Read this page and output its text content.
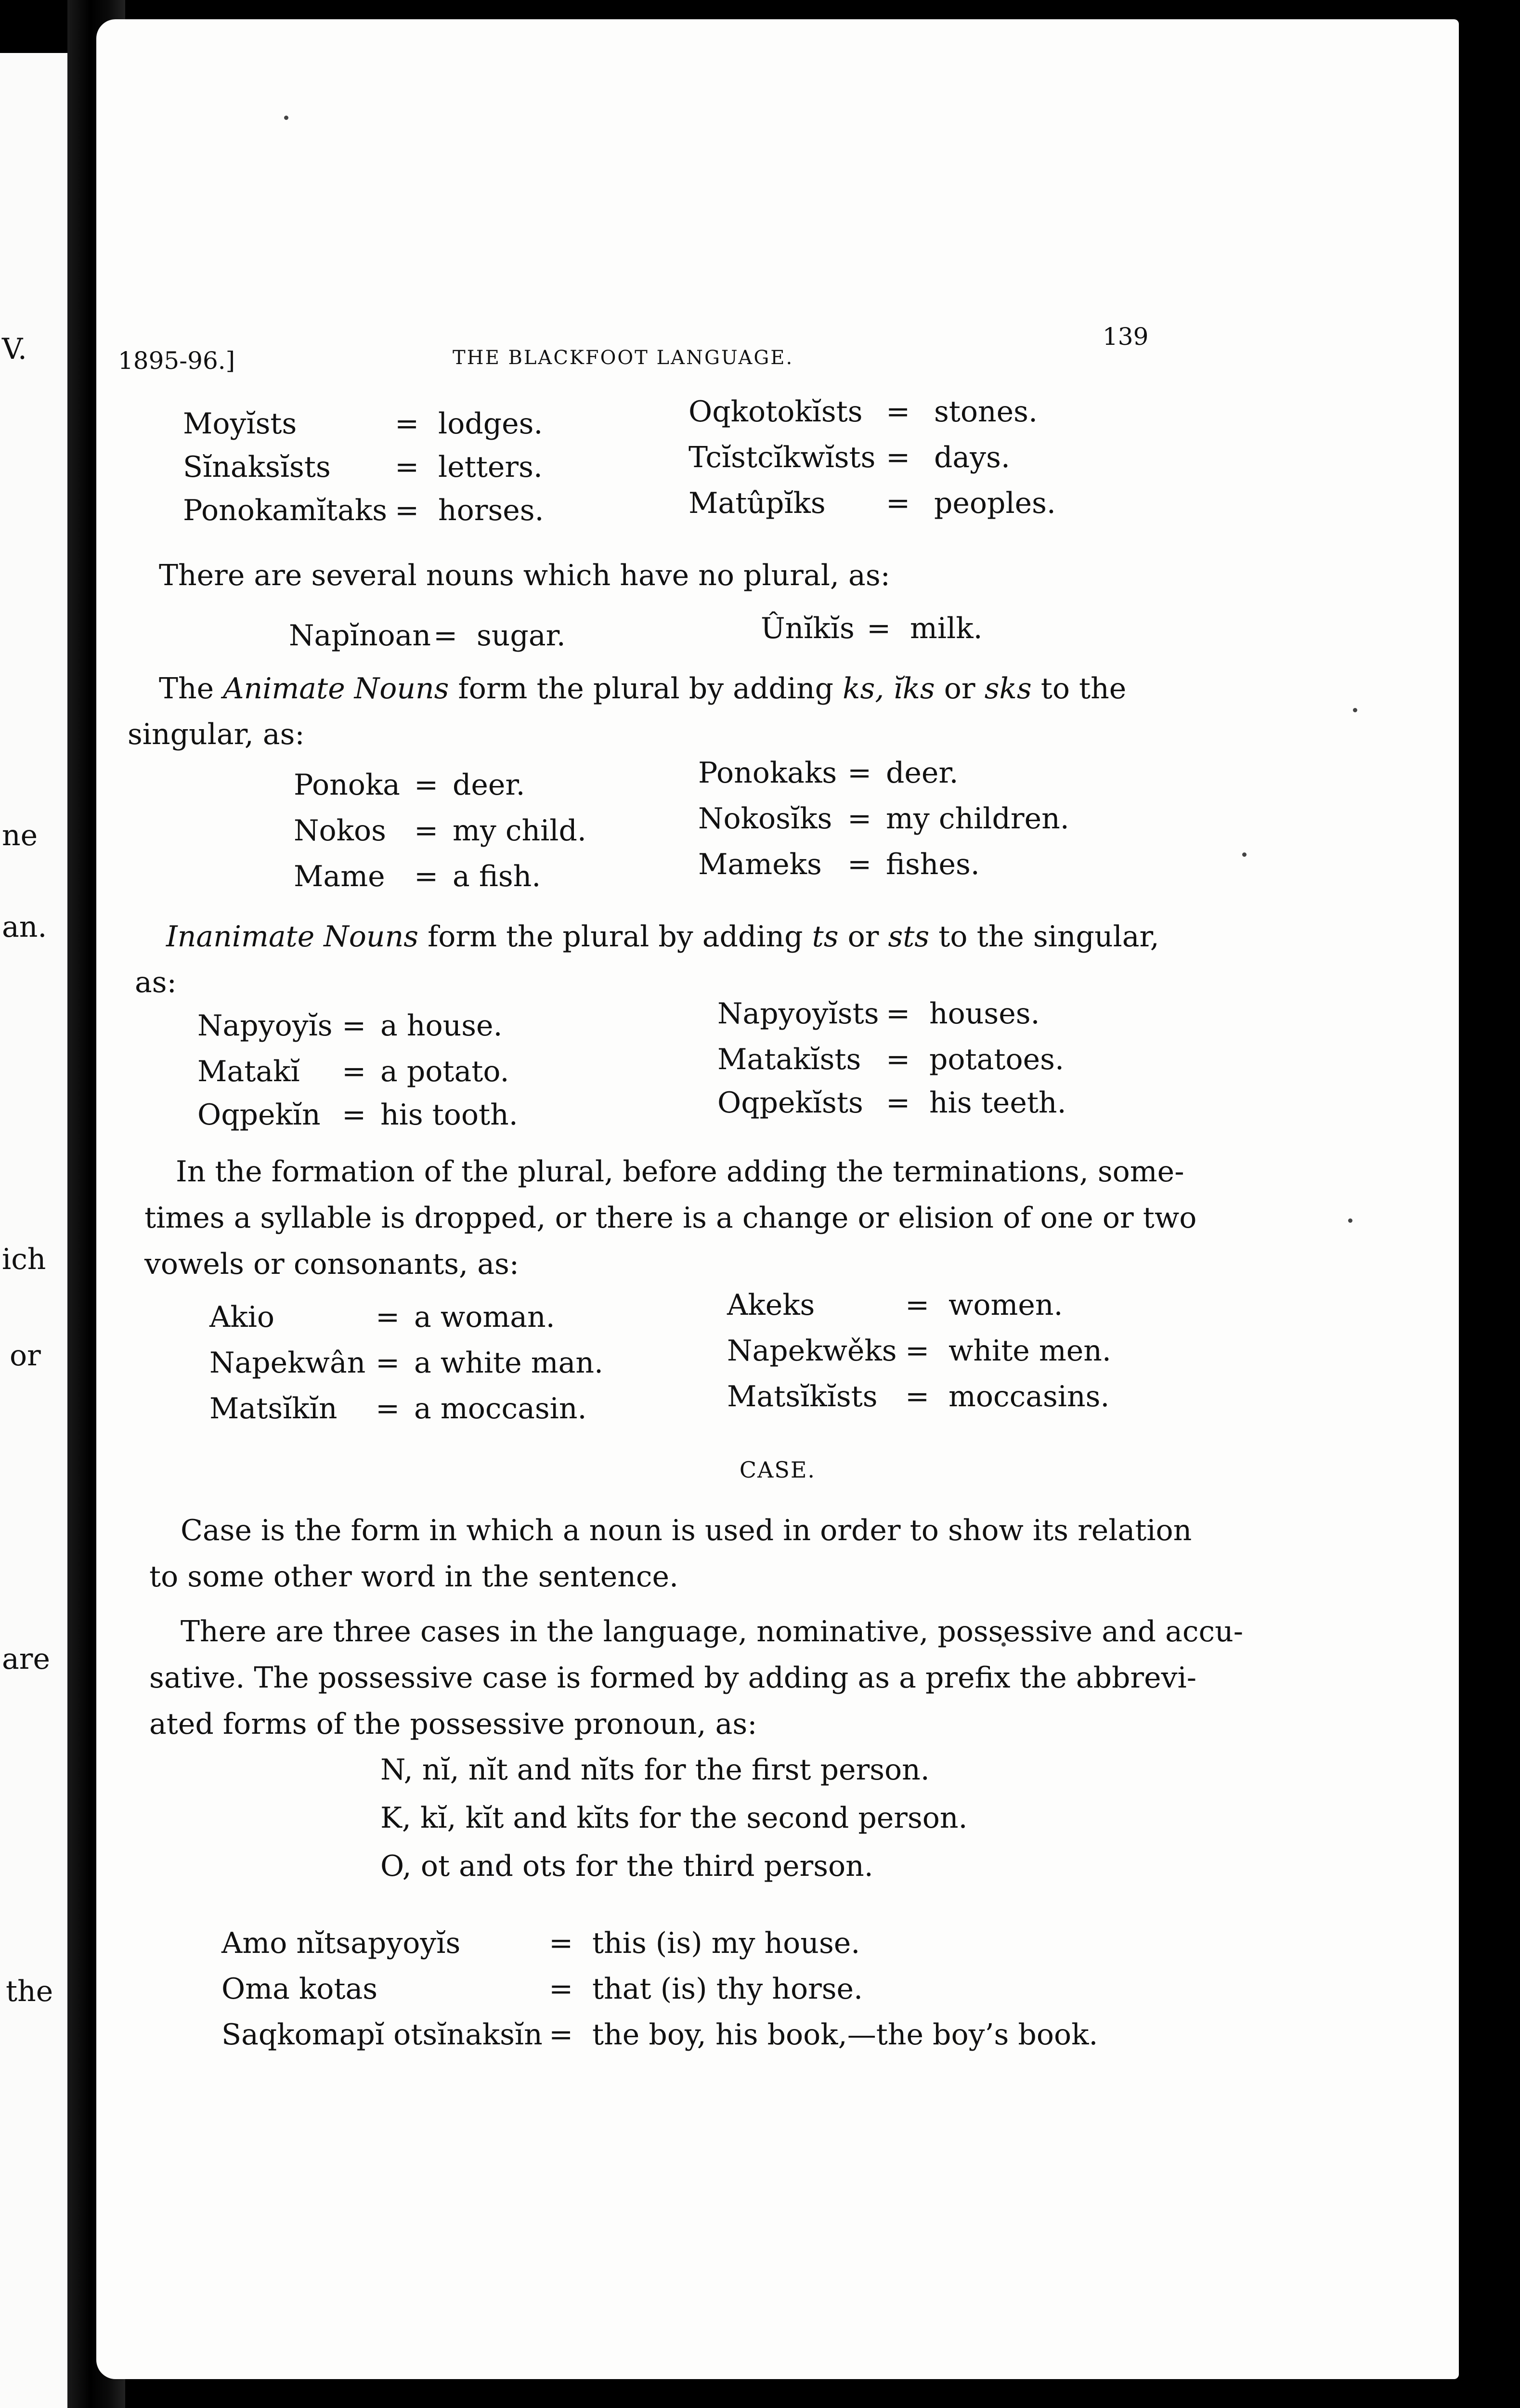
V.
ne
an.
ich
or
are
the
1895-96.]	THE BLACKFOOT LANGUAGE.
139
Moyĭsts	= lodges.
Sĭnaksĭsts = letters.
Ponokamĭtaks = horses.
Oqkotokĭsts = stones.
Tcĭstcĭkwĭsts = days.
Matûpĭks = peoples.
There are several nouns which have no plural, as:
Napĭnoan = sugar.	Ûnĭkĭs = milk.
The Animate Nouns form the plural by adding ks, ĭks or sks to the
singular, as:
Ponoka = deer.
Nokos = my child.
Mame = a fish.
Ponokaks = deer.
Nokosĭks = my children.
Mameks = fishes.
Inanimate Nouns form the plural by adding ts or sts to the singular,
as:
Napyoyĭs = a house.
Matakĭ = a potato.
Oqpekĭn = his tooth.
Napyoyĭsts = houses.
Matakĭsts = potatoes.
Oqpekĭsts = his teeth.
In the formation of the plural, before adding the terminations, some-
times a syllable is dropped, or there is a change or elision of one or two
vowels or consonants, as:
Akio	= a woman.
Napekwân = a white man.
Matsĭkĭn = a moccasin.
Akeks	= women.
Napekwěks = white men.
Matsĭkĭsts = moccasins.
CASE.
Case is the form in which a noun is used in order to show its relation
to some other word in the sentence.
There are three cases in the language, nominative, possessive and accu-
sative. The possessive case is formed by adding as a prefix the abbrevi-
ated forms of the possessive pronoun, as:
N, nĭ, nĭt and nĭts for the first person.
K, kĭ, kĭt and kĭts for the second person.
O, ot and ots for the third person.
Amo nĭtsapyoyĭs	= this (is) my house.
Oma kotas	= that (is) thy horse.
Saqkomapĭ otsĭnaksĭn = the boy, his book,—the boy’s book.
